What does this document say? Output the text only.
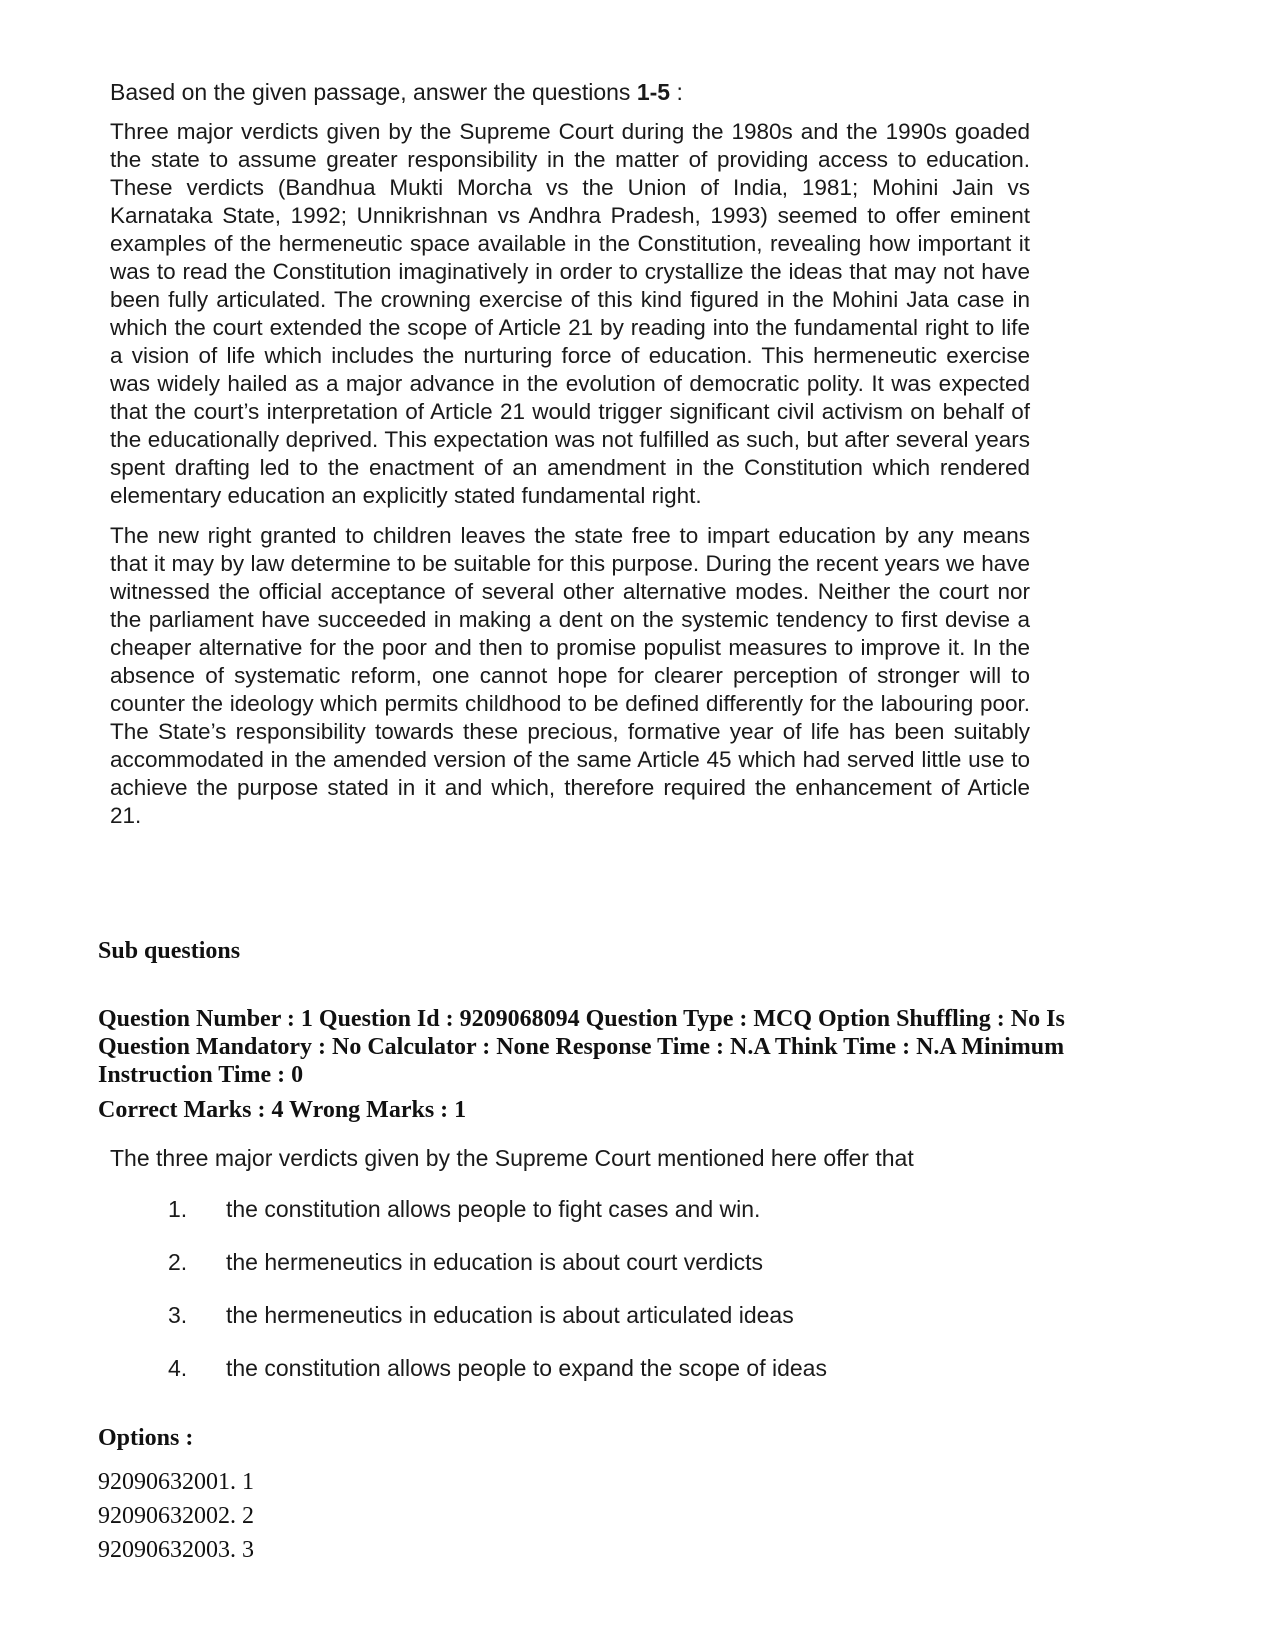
Based on the given passage, answer the questions 1-5 :

Three major verdicts given by the Supreme Court during the 1980s and the 1990s goaded the state to assume greater responsibility in the matter of providing access to education. These verdicts (Bandhua Mukti Morcha vs the Union of India, 1981; Mohini Jain vs Karnataka State, 1992; Unnikrishnan vs Andhra Pradesh, 1993) seemed to offer eminent examples of the hermeneutic space available in the Constitution, revealing how important it was to read the Constitution imaginatively in order to crystallize the ideas that may not have been fully articulated. The crowning exercise of this kind figured in the Mohini Jata case in which the court extended the scope of Article 21 by reading into the fundamental right to life a vision of life which includes the nurturing force of education. This hermeneutic exercise was widely hailed as a major advance in the evolution of democratic polity. It was expected that the court’s interpretation of Article 21 would trigger significant civil activism on behalf of the educationally deprived. This expectation was not fulfilled as such, but after several years spent drafting led to the enactment of an amendment in the Constitution which rendered elementary education an explicitly stated fundamental right.

The new right granted to children leaves the state free to impart education by any means that it may by law determine to be suitable for this purpose. During the recent years we have witnessed the official acceptance of several other alternative modes. Neither the court nor the parliament have succeeded in making a dent on the systemic tendency to first devise a cheaper alternative for the poor and then to promise populist measures to improve it. In the absence of systematic reform, one cannot hope for clearer perception of stronger will to counter the ideology which permits childhood to be defined differently for the labouring poor. The State’s responsibility towards these precious, formative year of life has been suitably accommodated in the amended version of the same Article 45 which had served little use to achieve the purpose stated in it and which, therefore required the enhancement of Article 21.

Sub questions
Question Number : 1 Question Id : 9209068094 Question Type : MCQ Option Shuffling : No Is Question Mandatory : No Calculator : None Response Time : N.A Think Time : N.A Minimum Instruction Time : 0
Correct Marks : 4 Wrong Marks : 1
The three major verdicts given by the Supreme Court mentioned here offer that
1.	the constitution allows people to fight cases and win.
2.	the hermeneutics in education is about court verdicts
3.	the hermeneutics in education is about articulated ideas
4.	the constitution allows people to expand the scope of ideas
Options :
92090632001. 1
92090632002. 2
92090632003. 3
